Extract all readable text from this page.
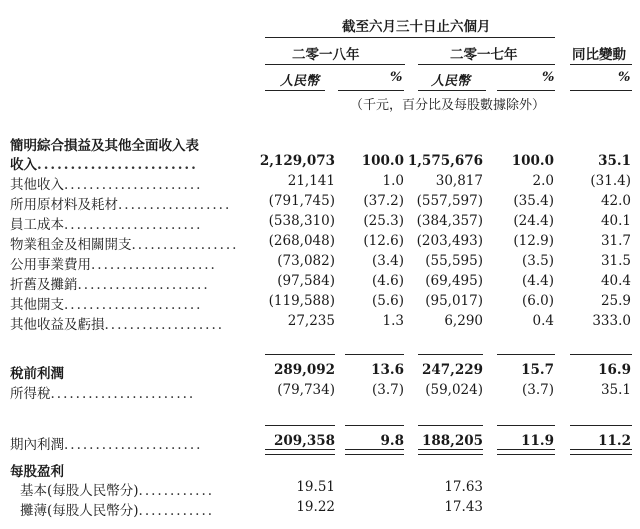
截至六月三十日止六個月
二零一八年	二零一七年	同比變動
人民幣	% 人民幣	%	%
（千元，百分比及每股數據除外）
簡明綜合損益及其他全面收入表
收入........................	2,129,073 100.0 1,575,676 100.0	35.1
其他收入......................	21,141	1.0 30,817	2.0	(31.4)
所用原材料及耗材..................	(791,745) (37.2) (557,597) (35.4)	42.0
員工成本......................	(538,310) (25.3) (384,357) (24.4)	40.1
物業租金及相關開支................. (268,048) (12.6) (203,493) (12.9)	31.7
公用事業費用....................	(73,082)	(3.4) (55,595)	(3.5)	31.5
折舊及攤銷.....................	(97,584)	(4.6) (69,495)	(4.4)	40.4
其他開支......................	(119,588)	(5.6) (95,017)	(6.0)	25.9
其他收益及虧損...................	27,235	1.3	6,290	0.4	333.0
稅前利潤	289,092	13.6 247,229	15.7	16.9
所得稅.......................	(79,734)	(3.7) (59,024)	(3.7)	35.1
期內利潤......................	209,358	9.8 188,205	11.9	11.2
每股盈利
基本(每股人民幣分)............	19.51	17.63
攤薄(每股人民幣分)............	19.22	17.43
